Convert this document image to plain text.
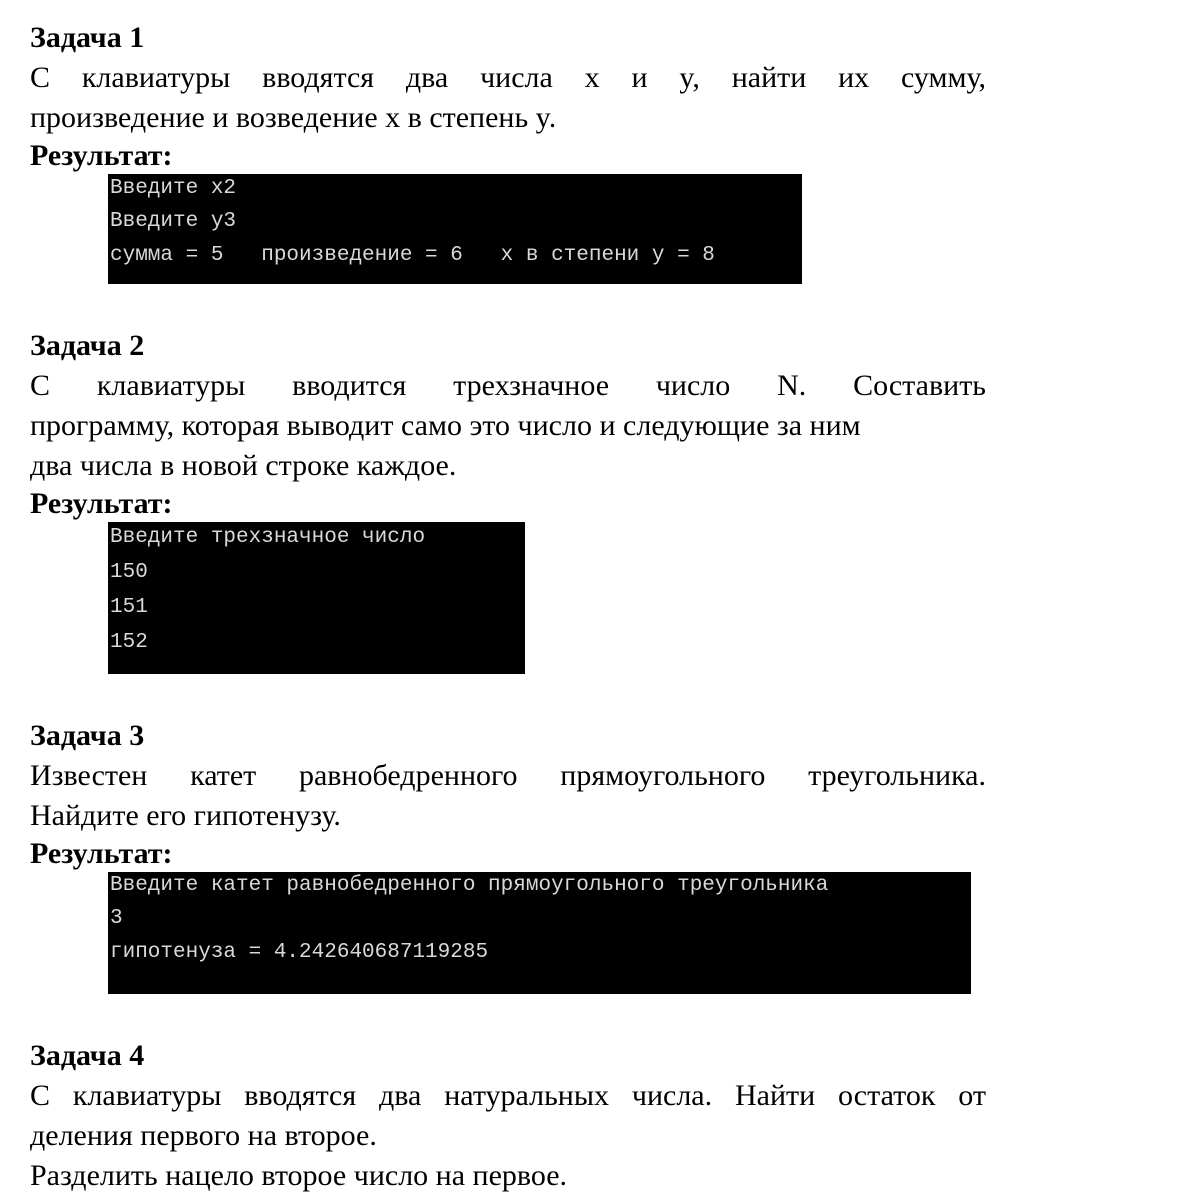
Задача 1
С клавиатуры вводятся два числа x и y, найти их сумму,
произведение и возведение x в степень y.
Результат:
Введите x2
Введите y3
сумма = 5   произведение = 6   x в степени y = 8
Задача 2
С клавиатуры вводится трехзначное число N. Составить
программу, которая выводит само это число и следующие за ним
два числа в новой строке каждое.
Результат:
Введите трехзначное число
150
151
152
Задача 3
Известен катет равнобедренного прямоугольного треугольника.
Найдите его гипотенузу.
Результат:
Введите катет равнобедренного прямоугольного треугольника
3
гипотенуза = 4.242640687119285
Задача 4
С клавиатуры вводятся два натуральных числа. Найти остаток от
деления первого на второе.
Разделить нацело второе число на первое.
